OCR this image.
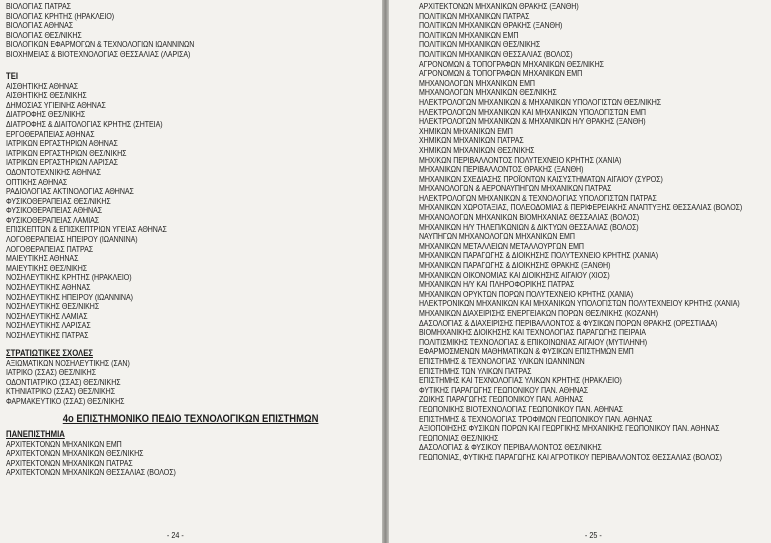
ΒΙΟΛΟΓΙΑΣ ΠΑΤΡΑΣ
ΒΙΟΛΟΓΙΑΣ ΚΡΗΤΗΣ (ΗΡΑΚΛΕΙΟ)
ΒΙΟΛΟΓΙΑΣ ΑΘΗΝΑΣ
ΒΙΟΛΟΓΙΑΣ ΘΕΣ/ΝΙΚΗΣ
ΒΙΟΛΟΓΙΚΩΝ ΕΦΑΡΜΟΓΩΝ & ΤΕΧΝΟΛΟΓΙΩΝ ΙΩΑΝΝΙΝΩΝ
ΒΙΟΧΗΜΕΙΑΣ & ΒΙΟΤΕΧΝΟΛΟΓΙΑΣ ΘΕΣΣΑΛΙΑΣ (ΛΑΡΙΣΑ)
ΤΕΙ
ΑΙΣΘΗΤΙΚΗΣ ΑΘΗΝΑΣ
ΑΙΣΘΗΤΙΚΗΣ ΘΕΣ/ΝΙΚΗΣ
ΔΗΜΟΣΙΑΣ ΥΓΙΕΙΝΗΣ ΑΘΗΝΑΣ
ΔΙΑΤΡΟΦΗΣ ΘΕΣ/ΝΙΚΗΣ
ΔΙΑΤΡΟΦΗΣ & ΔΙΑΙΤΟΛΟΓΙΑΣ ΚΡΗΤΗΣ (ΣΗΤΕΙΑ)
ΕΡΓΟΘΕΡΑΠΕΙΑΣ ΑΘΗΝΑΣ
ΙΑΤΡΙΚΩΝ ΕΡΓΑΣΤΗΡΙΩΝ ΑΘΗΝΑΣ
ΙΑΤΡΙΚΩΝ ΕΡΓΑΣΤΗΡΙΩΝ ΘΕΣ/ΝΙΚΗΣ
ΙΑΤΡΙΚΩΝ ΕΡΓΑΣΤΗΡΙΩΝ ΛΑΡΙΣΑΣ
ΟΔΟΝΤΟΤΕΧΝΙΚΗΣ ΑΘΗΝΑΣ
ΟΠΤΙΚΗΣ ΑΘΗΝΑΣ
ΡΑΔΙΟΛΟΓΙΑΣ ΑΚΤΙΝΟΛΟΓΙΑΣ ΑΘΗΝΑΣ
ΦΥΣΙΚΟΘΕΡΑΠΕΙΑΣ ΘΕΣ/ΝΙΚΗΣ
ΦΥΣΙΚΟΘΕΡΑΠΕΙΑΣ ΑΘΗΝΑΣ
ΦΥΣΙΚΟΘΕΡΑΠΕΙΑΣ ΛΑΜΙΑΣ
ΕΠΙΣΚΕΠΤΩΝ & ΕΠΙΣΚΕΠΤΡΙΩΝ ΥΓΕΙΑΣ ΑΘΗΝΑΣ
ΛΟΓΟΘΕΡΑΠΕΙΑΣ ΗΠΕΙΡΟΥ (ΙΩΑΝΝΙΝΑ)
ΛΟΓΟΘΕΡΑΠΕΙΑΣ ΠΑΤΡΑΣ
ΜΑΙΕΥΤΙΚΗΣ ΑΘΗΝΑΣ
ΜΑΙΕΥΤΙΚΗΣ ΘΕΣ/ΝΙΚΗΣ
ΝΟΣΗΛΕΥΤΙΚΗΣ ΚΡΗΤΗΣ (ΗΡΑΚΛΕΙΟ)
ΝΟΣΗΛΕΥΤΙΚΗΣ ΑΘΗΝΑΣ
ΝΟΣΗΛΕΥΤΙΚΗΣ ΗΠΕΙΡΟΥ (ΙΩΑΝΝΙΝΑ)
ΝΟΣΗΛΕΥΤΙΚΗΣ ΘΕΣ/ΝΙΚΗΣ
ΝΟΣΗΛΕΥΤΙΚΗΣ ΛΑΜΙΑΣ
ΝΟΣΗΛΕΥΤΙΚΗΣ ΛΑΡΙΣΑΣ
ΝΟΣΗΛΕΥΤΙΚΗΣ ΠΑΤΡΑΣ
ΣΤΡΑΤΙΩΤΙΚΕΣ ΣΧΟΛΕΣ
ΑΞΙΩΜΑΤΙΚΩΝ ΝΟΣΗΛΕΥΤΙΚΗΣ (ΣΑΝ)
ΙΑΤΡΙΚΟ (ΣΣΑΣ) ΘΕΣ/ΝΙΚΗΣ
ΟΔΟΝΤΙΑΤΡΙΚΟ (ΣΣΑΣ) ΘΕΣ/ΝΙΚΗΣ
ΚΤΗΝΙΑΤΡΙΚΟ (ΣΣΑΣ) ΘΕΣ/ΝΙΚΗΣ
ΦΑΡΜΑΚΕΥΤΙΚΟ (ΣΣΑΣ) ΘΕΣ/ΝΙΚΗΣ
4ο ΕΠΙΣΤΗΜΟΝΙΚΟ ΠΕΔΙΟ ΤΕΧΝΟΛΟΓΙΚΩΝ ΕΠΙΣΤΗΜΩΝ
ΠΑΝΕΠΙΣΤΗΜΙΑ
ΑΡΧΙΤΕΚΤΟΝΩΝ ΜΗΧΑΝΙΚΩΝ ΕΜΠ
ΑΡΧΙΤΕΚΤΟΝΩΝ ΜΗΧΑΝΙΚΩΝ ΘΕΣ/ΝΙΚΗΣ
ΑΡΧΙΤΕΚΤΟΝΩΝ ΜΗΧΑΝΙΚΩΝ ΠΑΤΡΑΣ
ΑΡΧΙΤΕΚΤΟΝΩΝ ΜΗΧΑΝΙΚΩΝ ΘΕΣΣΑΛΙΑΣ (ΒΟΛΟΣ)
- 24 -
ΑΡΧΙΤΕΚΤΟΝΩΝ ΜΗΧΑΝΙΚΩΝ ΘΡΑΚΗΣ (ΞΑΝΘΗ)
ΠΟΛΙΤΙΚΩΝ ΜΗΧΑΝΙΚΩΝ ΠΑΤΡΑΣ
ΠΟΛΙΤΙΚΩΝ ΜΗΧΑΝΙΚΩΝ ΘΡΑΚΗΣ (ΞΑΝΘΗ)
ΠΟΛΙΤΙΚΩΝ ΜΗΧΑΝΙΚΩΝ ΕΜΠ
ΠΟΛΙΤΙΚΩΝ ΜΗΧΑΝΙΚΩΝ ΘΕΣ/ΝΙΚΗΣ
ΠΟΛΙΤΙΚΩΝ ΜΗΧΑΝΙΚΩΝ ΘΕΣΣΑΛΙΑΣ (ΒΟΛΟΣ)
ΑΓΡΟΝΟΜΩΝ & ΤΟΠΟΓΡΑΦΩΝ ΜΗΧΑΝΙΚΩΝ ΘΕΣ/ΝΙΚΗΣ
ΑΓΡΟΝΟΜΩΝ & ΤΟΠΟΓΡΑΦΩΝ ΜΗΧΑΝΙΚΩΝ ΕΜΠ
ΜΗΧΑΝΟΛΟΓΩΝ ΜΗΧΑΝΙΚΩΝ ΕΜΠ
ΜΗΧΑΝΟΛΟΓΩΝ ΜΗΧΑΝΙΚΩΝ ΘΕΣ/ΝΙΚΗΣ
ΗΛΕΚΤΡΟΛΟΓΩΝ ΜΗΧΑΝΙΚΩΝ & ΜΗΧΑΝΙΚΩΝ ΥΠΟΛΟΓΙΣΤΩΝ ΘΕΣ/ΝΙΚΗΣ
ΗΛΕΚΤΡΟΛΟΓΩΝ ΜΗΧΑΝΙΚΩΝ ΚΑΙ ΜΗΧΑΝΙΚΩΝ ΥΠΟΛΟΓΙΣΤΩΝ ΕΜΠ
ΗΛΕΚΤΡΟΛΟΓΩΝ ΜΗΧΑΝΙΚΩΝ & ΜΗΧΑΝΙΚΩΝ Η/Υ ΘΡΑΚΗΣ (ΞΑΝΘΗ)
ΧΗΜΙΚΩΝ ΜΗΧΑΝΙΚΩΝ ΕΜΠ
ΧΗΜΙΚΩΝ ΜΗΧΑΝΙΚΩΝ ΠΑΤΡΑΣ
ΧΗΜΙΚΩΝ ΜΗΧΑΝΙΚΩΝ ΘΕΣ/ΝΙΚΗΣ
ΜΗΧ/ΚΩΝ ΠΕΡΙΒΑΛΛΟΝΤΟΣ ΠΟΛΥΤΕΧΝΕΙΟ ΚΡΗΤΗΣ (ΧΑΝΙΑ)
ΜΗΧΑΝΙΚΩΝ ΠΕΡΙΒΑΛΛΟΝΤΟΣ ΘΡΑΚΗΣ (ΞΑΝΘΗ)
ΜΗΧΑΝΙΚΩΝ ΣΧΕΔΙΑΣΗΣ ΠΡΟΪΟΝΤΩΝ ΚΑΙΣΥΣΤΗΜΑΤΩΝ ΑΙΓΑΙΟΥ (ΣΥΡΟΣ)
ΜΗΧΑΝΟΛΟΓΩΝ & ΑΕΡΟΝΑΥΠΗΓΩΝ ΜΗΧΑΝΙΚΩΝ ΠΑΤΡΑΣ
ΗΛΕΚΤΡΟΛΟΓΩΝ ΜΗΧΑΝΙΚΩΝ & ΤΕΧΝΟΛΟΓΙΑΣ ΥΠΟΛΟΓΙΣΤΩΝ ΠΑΤΡΑΣ
ΜΗΧΑΝΙΚΩΝ ΧΩΡΟΤΑΞΙΑΣ, ΠΟΛΕΟΔΟΜΙΑΣ & ΠΕΡΙΦΕΡΕΙΑΚΗΣ ΑΝΑΠΤΥΞΗΣ ΘΕΣΣΑΛΙΑΣ (ΒΟΛΟΣ)
ΜΗΧΑΝΟΛΟΓΩΝ ΜΗΧΑΝΙΚΩΝ ΒΙΟΜΗΧΑΝΙΑΣ ΘΕΣΣΑΛΙΑΣ (ΒΟΛΟΣ)
ΜΗΧΑΝΙΚΩΝ Η/Υ ΤΗΛΕΠ/ΚΩΝΙΩΝ & ΔΙΚΤΥΩΝ ΘΕΣΣΑΛΙΑΣ (ΒΟΛΟΣ)
ΝΑΥΠΗΓΩΝ ΜΗΧΑΝΟΛΟΓΩΝ ΜΗΧΑΝΙΚΩΝ ΕΜΠ
ΜΗΧΑΝΙΚΩΝ ΜΕΤΑΛΛΕΙΩΝ ΜΕΤΑΛΛΟΥΡΓΩΝ ΕΜΠ
ΜΗΧΑΝΙΚΩΝ ΠΑΡΑΓΩΓΗΣ & ΔΙΟΙΚΗΣΗΣ ΠΟΛΥΤΕΧΝΕΙΟ ΚΡΗΤΗΣ (ΧΑΝΙΑ)
ΜΗΧΑΝΙΚΩΝ ΠΑΡΑΓΩΓΗΣ & ΔΙΟΙΚΗΣΗΣ ΘΡΑΚΗΣ (ΞΑΝΘΗ)
ΜΗΧΑΝΙΚΩΝ ΟΙΚΟΝΟΜΙΑΣ ΚΑΙ ΔΙΟΙΚΗΣΗΣ ΑΙΓΑΙΟΥ (ΧΙΟΣ)
ΜΗΧΑΝΙΚΩΝ Η/Υ ΚΑΙ ΠΛΗΡΟΦΟΡΙΚΗΣ ΠΑΤΡΑΣ
ΜΗΧΑΝΙΚΩΝ ΟΡΥΚΤΩΝ ΠΟΡΩΝ ΠΟΛΥΤΕΧΝΕΙΟ ΚΡΗΤΗΣ (ΧΑΝΙΑ)
ΗΛΕΚΤΡΟΝΙΚΩΝ ΜΗΧΑΝΙΚΩΝ ΚΑΙ ΜΗΧΑΝΙΚΩΝ ΥΠΟΛΟΓΙΣΤΩΝ ΠΟΛΥΤΕΧΝΕΙΟΥ ΚΡΗΤΗΣ (ΧΑΝΙΑ)
ΜΗΧΑΝΙΚΩΝ ΔΙΑΧΕΙΡΙΣΗΣ ΕΝΕΡΓΕΙΑΚΩΝ ΠΟΡΩΝ ΘΕΣ/ΝΙΚΗΣ (ΚΟΖΑΝΗ)
ΔΑΣΟΛΟΓΙΑΣ & ΔΙΑΧΕΙΡΙΣΗΣ ΠΕΡΙΒΑΛΛΟΝΤΟΣ & ΦΥΣΙΚΩΝ ΠΟΡΩΝ ΘΡΑΚΗΣ (ΟΡΕΣΤΙΑΔΑ)
ΒΙΟΜΗΧΑΝΙΚΗΣ ΔΙΟΙΚΗΣΗΣ ΚΑΙ ΤΕΧΝΟΛΟΓΙΑΣ ΠΑΡΑΓΩΓΗΣ ΠΕΙΡΑΙΑ
ΠΟΛΙΤΙΣΜΙΚΗΣ ΤΕΧΝΟΛΟΓΙΑΣ & ΕΠΙΚΟΙΝΩΝΙΑΣ ΑΙΓΑΙΟΥ (ΜΥΤΙΛΗΝΗ)
ΕΦΑΡΜΟΣΜΕΝΩΝ ΜΑΘΗΜΑΤΙΚΩΝ & ΦΥΣΙΚΩΝ ΕΠΙΣΤΗΜΩΝ ΕΜΠ
ΕΠΙΣΤΗΜΗΣ & ΤΕΧΝΟΛΟΓΙΑΣ ΥΛΙΚΩΝ ΙΩΑΝΝΙΝΩΝ
ΕΠΙΣΤΗΜΗΣ ΤΩΝ ΥΛΙΚΩΝ ΠΑΤΡΑΣ
ΕΠΙΣΤΗΜΗΣ ΚΑΙ ΤΕΧΝΟΛΟΓΙΑΣ ΥΛΙΚΩΝ ΚΡΗΤΗΣ (ΗΡΑΚΛΕΙΟ)
ΦΥΤΙΚΗΣ ΠΑΡΑΓΩΓΗΣ ΓΕΩΠΟΝΙΚΟΥ ΠΑΝ. ΑΘΗΝΑΣ
ΖΩΙΚΗΣ ΠΑΡΑΓΩΓΗΣ ΓΕΩΠΟΝΙΚΟΥ ΠΑΝ. ΑΘΗΝΑΣ
ΓΕΩΠΟΝΙΚΗΣ ΒΙΟΤΕΧΝΟΛΟΓΙΑΣ ΓΕΩΠΟΝΙΚΟΥ ΠΑΝ. ΑΘΗΝΑΣ
ΕΠΙΣΤΗΜΗΣ & ΤΕΧΝΟΛΟΓΙΑΣ ΤΡΟΦΙΜΩΝ ΓΕΩΠΟΝΙΚΟΥ ΠΑΝ. ΑΘΗΝΑΣ
ΑΞΙΟΠΟΙΗΣΗΣ ΦΥΣΙΚΩΝ ΠΟΡΩΝ ΚΑΙ ΓΕΩΡΓΙΚΗΣ ΜΗΧΑΝΙΚΗΣ ΓΕΩΠΟΝΙΚΟΥ ΠΑΝ. ΑΘΗΝΑΣ
ΓΕΩΠΟΝΙΑΣ ΘΕΣ/ΝΙΚΗΣ
ΔΑΣΟΛΟΓΙΑΣ & ΦΥΣΙΚΟΥ ΠΕΡΙΒΑΛΛΟΝΤΟΣ ΘΕΣ/ΝΙΚΗΣ
ΓΕΩΠΟΝΙΑΣ, ΦΥΤΙΚΗΣ ΠΑΡΑΓΩΓΗΣ ΚΑΙ ΑΓΡΟΤΙΚΟΥ ΠΕΡΙΒΑΛΛΟΝΤΟΣ ΘΕΣΣΑΛΙΑΣ (ΒΟΛΟΣ)
- 25 -
